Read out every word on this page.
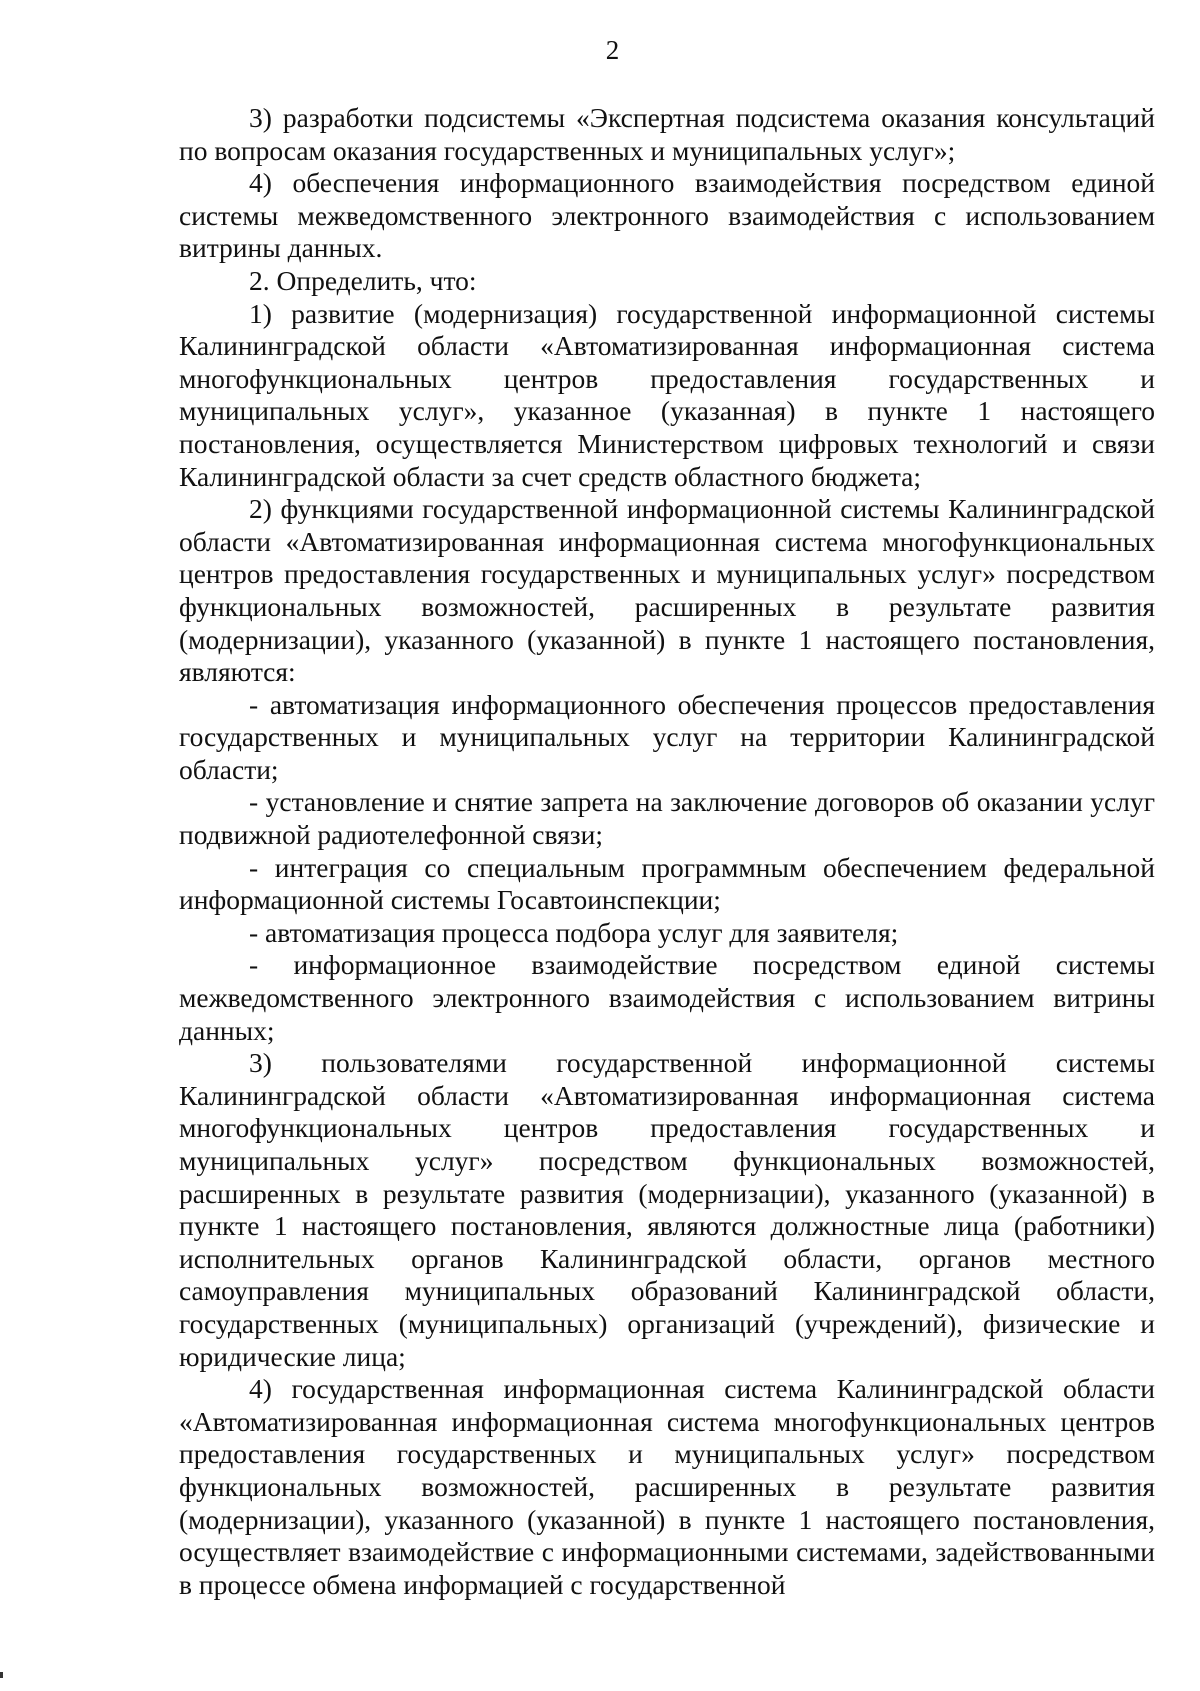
2

3) разработки подсистемы «Экспертная подсистема оказания консультаций по вопросам оказания государственных и муниципальных услуг»;

4) обеспечения информационного взаимодействия посредством единой системы межведомственного электронного взаимодействия с использованием витрины данных.

2. Определить, что:

1) развитие (модернизация) государственной информационной системы Калининградской области «Автоматизированная информационная система многофункциональных центров предоставления государственных и муниципальных услуг», указанное (указанная) в пункте 1 настоящего постановления, осуществляется Министерством цифровых технологий и связи Калининградской области за счет средств областного бюджета;

2) функциями государственной информационной системы Калининградской области «Автоматизированная информационная система многофункциональных центров предоставления государственных и муниципальных услуг» посредством функциональных возможностей, расширенных в результате развития (модернизации), указанного (указанной) в пункте 1 настоящего постановления, являются:

- автоматизация информационного обеспечения процессов предоставления государственных и муниципальных услуг на территории Калининградской области;

- установление и снятие запрета на заключение договоров об оказании услуг подвижной радиотелефонной связи;

- интеграция со специальным программным обеспечением федеральной информационной системы Госавтоинспекции;

- автоматизация процесса подбора услуг для заявителя;

- информационное взаимодействие посредством единой системы межведомственного электронного взаимодействия с использованием витрины данных;

3) пользователями государственной информационной системы Калининградской области «Автоматизированная информационная система многофункциональных центров предоставления государственных и муниципальных услуг» посредством функциональных возможностей, расширенных в результате развития (модернизации), указанного (указанной) в пункте 1 настоящего постановления, являются должностные лица (работники) исполнительных органов Калининградской области, органов местного самоуправления муниципальных образований Калининградской области, государственных (муниципальных) организаций (учреждений), физические и юридические лица;

4) государственная информационная система Калининградской области «Автоматизированная информационная система многофункциональных центров предоставления государственных и муниципальных услуг» посредством функциональных возможностей, расширенных в результате развития (модернизации), указанного (указанной) в пункте 1 настоящего постановления, осуществляет взаимодействие с информационными системами, задействованными в процессе обмена информацией с государственной
